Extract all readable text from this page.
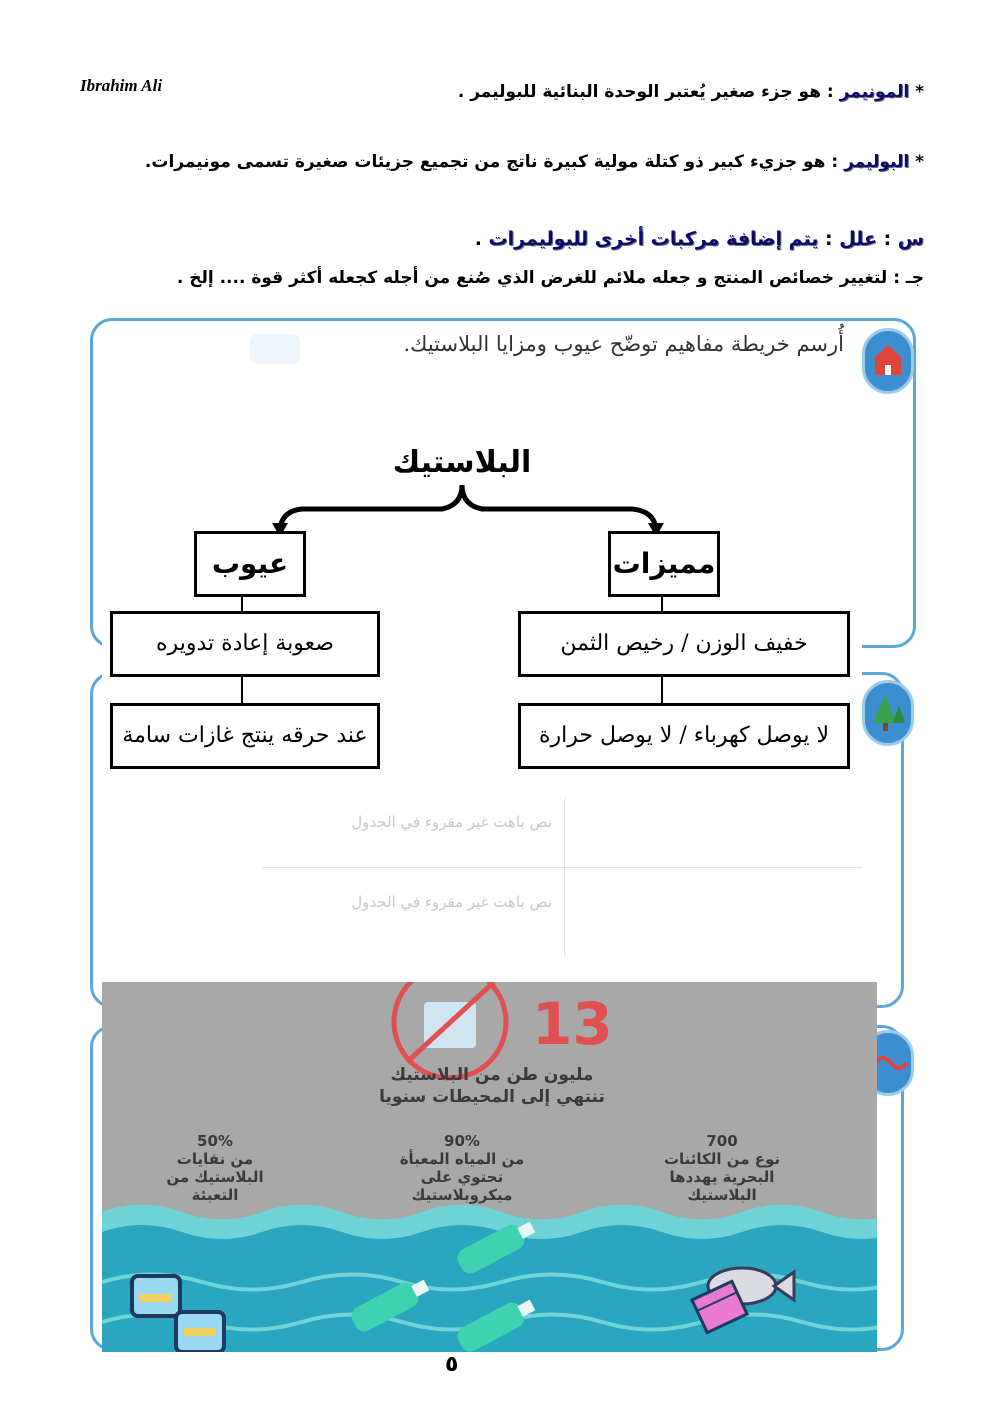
Ibrahim Ali	* المونيمر : هو جزء صغير يُعتبر الوحدة البنائية للبوليمر .
* البوليمر : هو جزيء كبير ذو كتلة مولية كبيرة ناتج من تجميع جزيئات صغيرة تسمى مونيمرات.
س : علل : يتم إضافة مركبات أخرى للبوليمرات .
جـ : لتغيير خصائص المنتج و جعله ملائم للغرض الذي صُنع من أجله كجعله أكثر قوة .... إلخ .
أُرسم خريطة مفاهيم توضّح عيوب ومزايا البلاستيك.
نص باهت غير مقروء في الجدول
نص باهت غير مقروء في الجدول
البلاستيك
عيوب	مميزات
صعوبة إعادة تدويره
عند حرقه ينتج غازات سامة
خفيف الوزن / رخيص الثمن
لا يوصل كهرباء / لا يوصل حرارة
13
مليون طن من البلاستيك
تنتهي إلى المحيطات سنويا
50%
من نفايات
البلاستيك من
التعبئة
90%
من المياه المعبأة
تحتوي على
ميكروبلاستيك
700
نوع من الكائنات
البحرية يهددها
البلاستيك
٥
